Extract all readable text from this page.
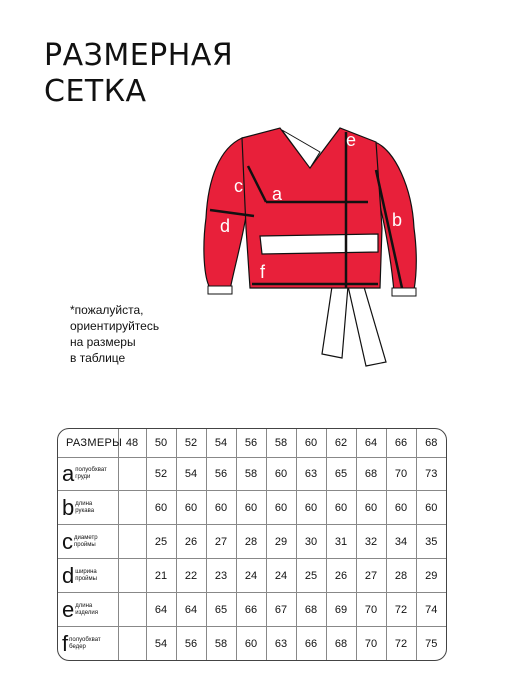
РАЗМЕРНАЯ
СЕТКА
a
b
c
d
e
f
*пожалуйста,
ориентируйтесь
на размеры
в таблице
РАЗМЕРЫ	48	50	52	54	56	58	60	62	64	66	68
a полуобхват
груди		52	54	56	58	60	63	65	68	70	73
b длина
рукава		60	60	60	60	60	60	60	60	60	60
c диаметр
проймы		25	26	27	28	29	30	31	32	34	35
d ширина
проймы		21	22	23	24	24	25	26	27	28	29
e длина
изделия		64	64	65	66	67	68	69	70	72	74
f полуобхват
бедер		54	56	58	60	63	66	68	70	72	75
